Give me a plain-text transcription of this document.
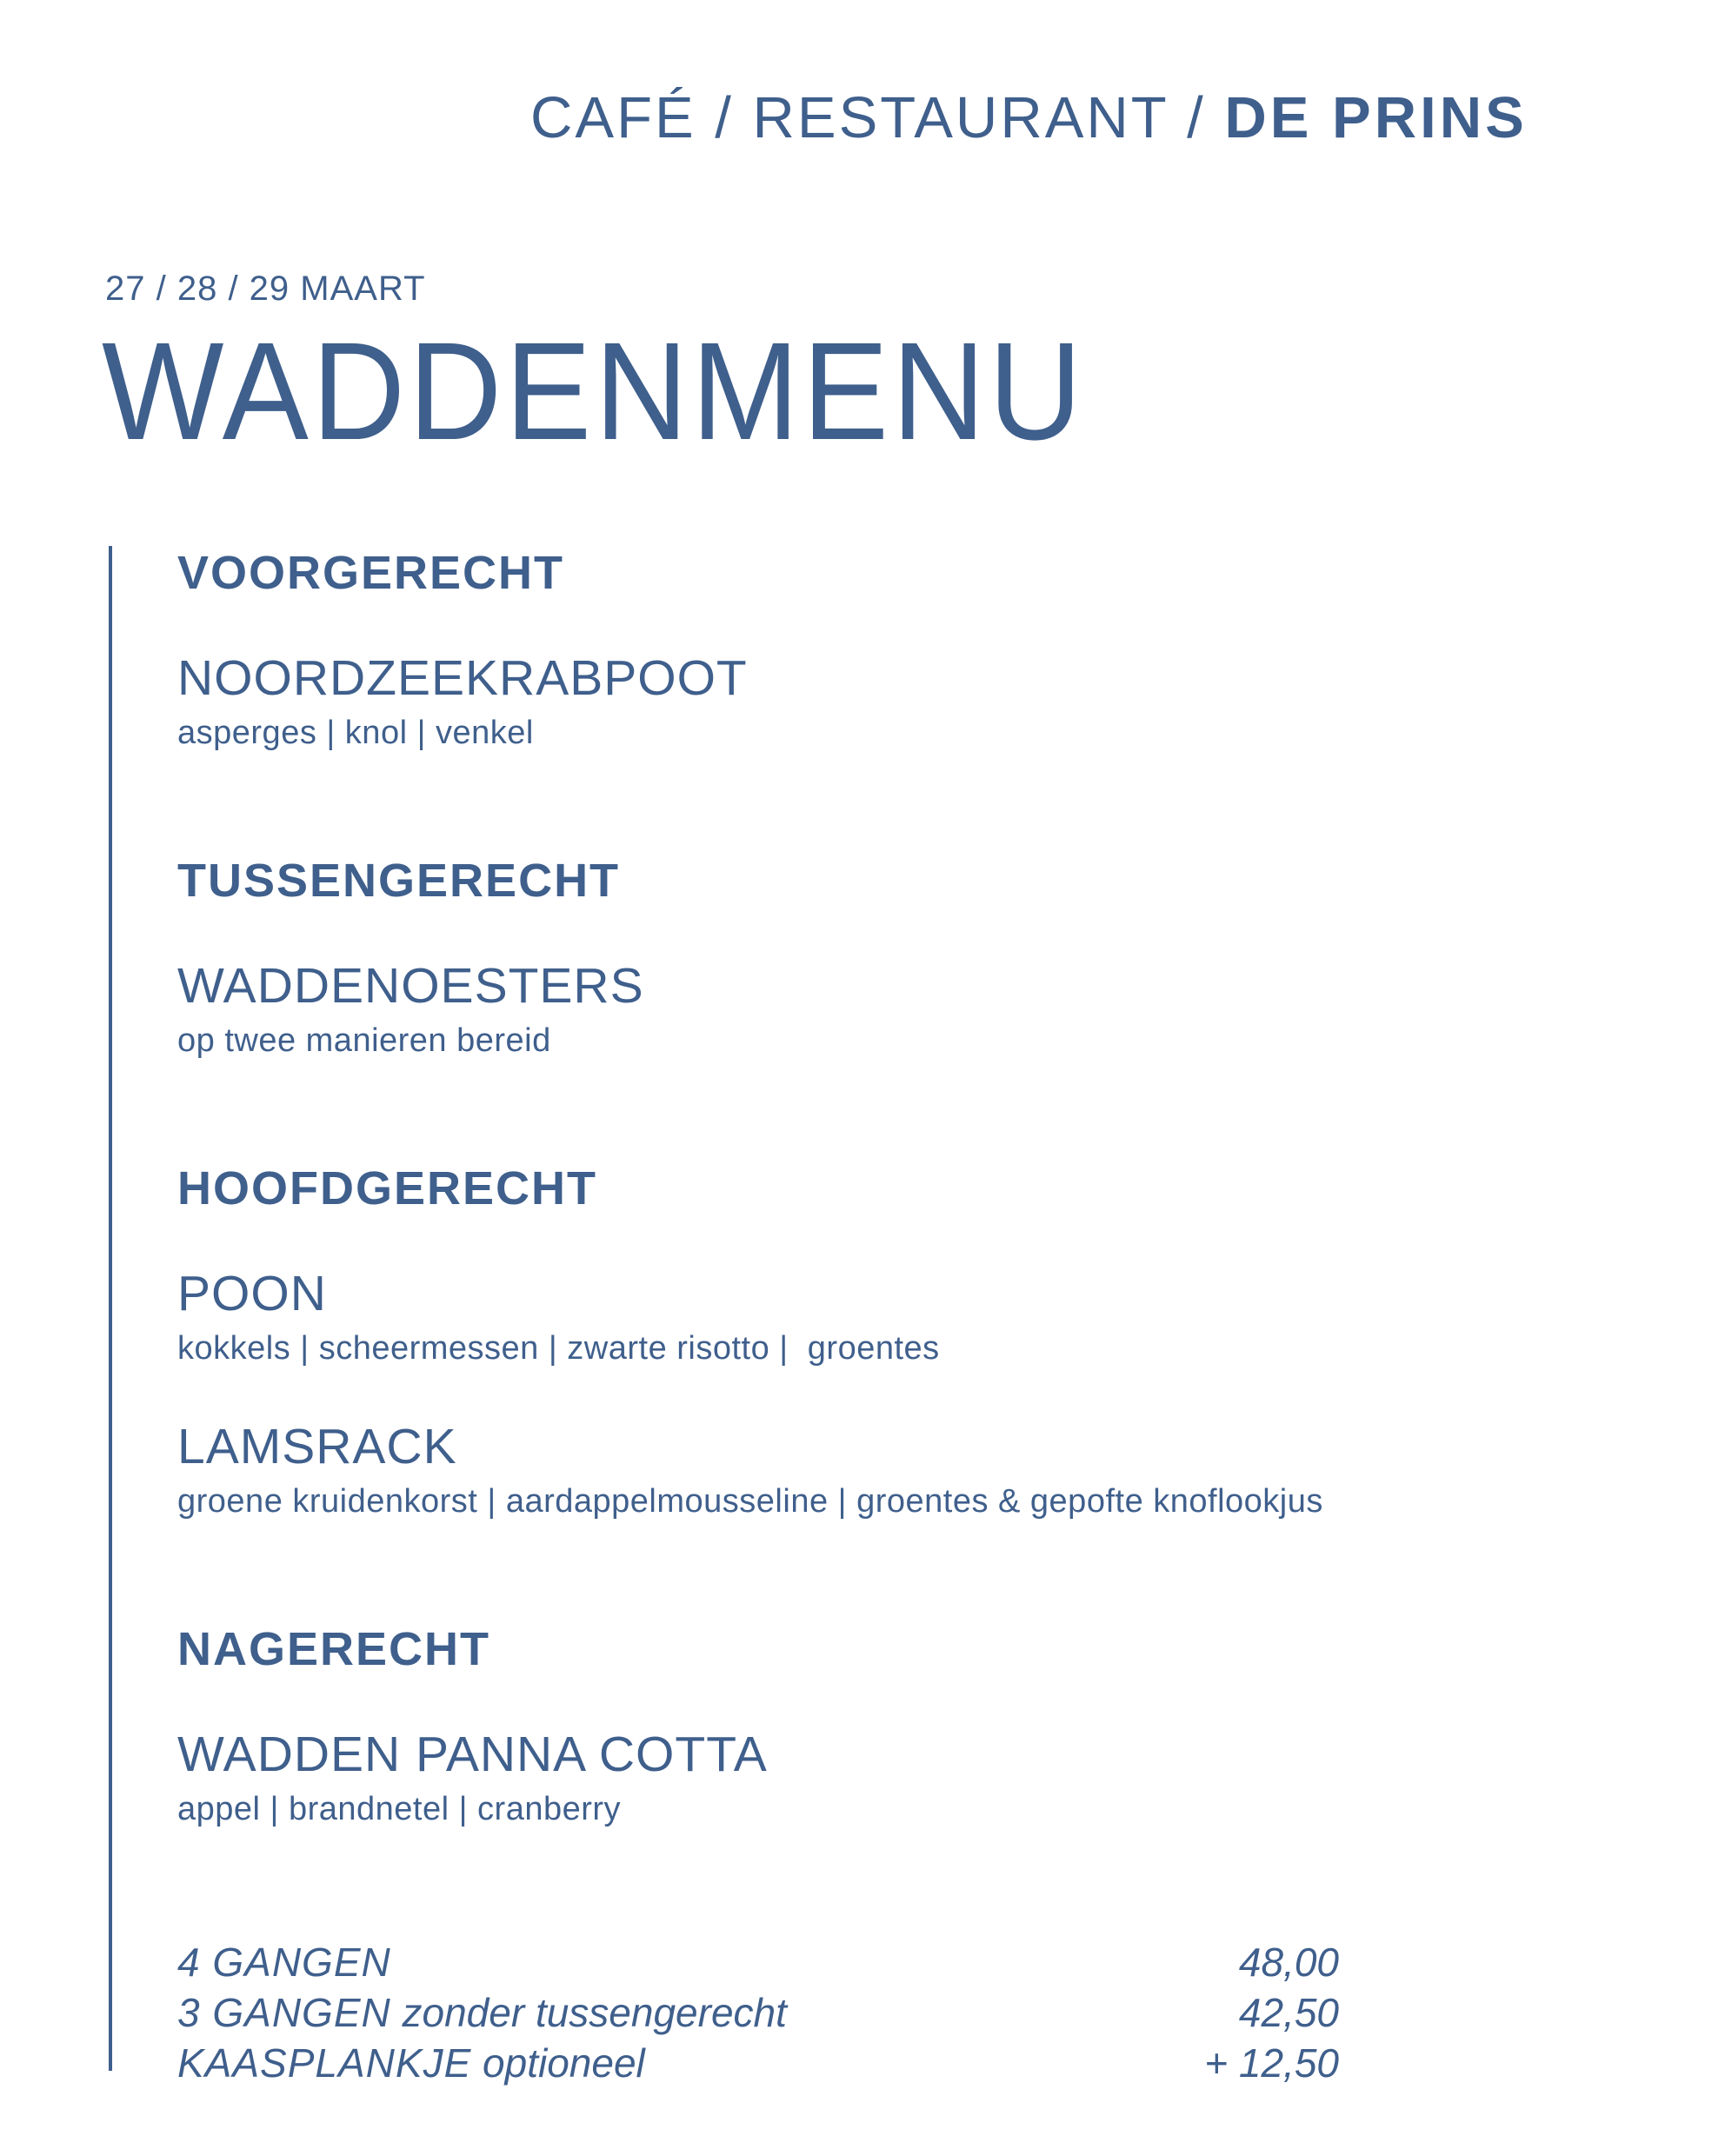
CAFÉ / RESTAURANT / DE PRINS
27 / 28 / 29 MAART
WADDENMENU
VOORGERECHT
NOORDZEEKRABPOOT
asperges | knol | venkel
TUSSENGERECHT
WADDENOESTERS
op twee manieren bereid
HOOFDGERECHT
POON
kokkels | scheermessen | zwarte risotto |  groentes
LAMSRACK
groene kruidenkorst | aardappelmousseline | groentes & gepofte knoflookjus
NAGERECHT
WADDEN PANNA COTTA
appel | brandnetel | cranberry
4 GANGEN	48,00
3 GANGEN zonder tussengerecht	42,50
KAASPLANKJE optioneel	+ 12,50
